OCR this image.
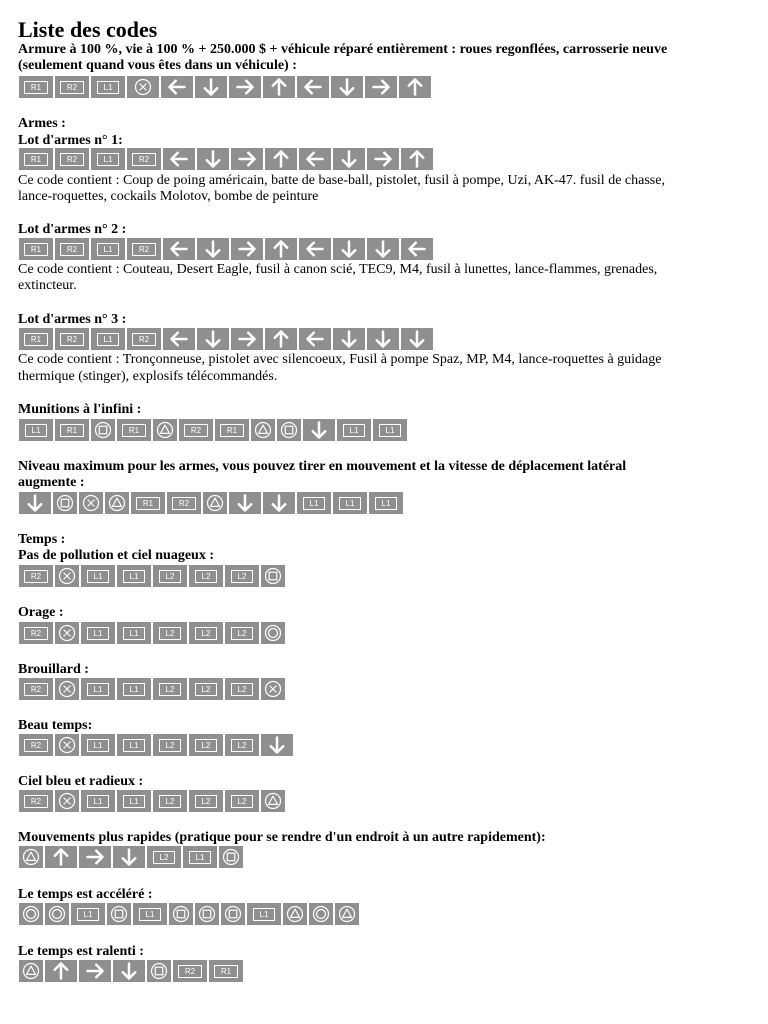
Liste des codes
Armure à 100 %, vie à 100 % + 250.000 $ + véhicule réparé entièrement : roues regonflées, carrosserie neuve
(seulement quand vous êtes dans un véhicule) :
R1	R2	L1
Armes :
Lot d'armes n° 1:
R1	R2	L1	R2
Ce code contient : Coup de poing américain, batte de base-ball, pistolet, fusil à pompe, Uzi, AK-47. fusil de chasse,
lance-roquettes, cockails Molotov, bombe de peinture
Lot d'armes n° 2 :
R1	R2	L1	R2
Ce code contient : Couteau, Desert Eagle, fusil à canon scié, TEC9, M4, fusil à lunettes, lance-flammes, grenades,
extincteur.
Lot d'armes n° 3 :
R1	R2	L1	R2
Ce code contient : Tronçonneuse, pistolet avec silencoeux, Fusil à pompe Spaz, MP, M4, lance-roquettes à guidage
thermique (stinger), explosifs télécommandés.
Munitions à l'infini :
L1	R1	R1	R2	R1	L1	L1
Niveau maximum pour les armes, vous pouvez tirer en mouvement et la vitesse de déplacement latéral
augmente :
R1	R2	L1	L1	L1
Temps :
Pas de pollution et ciel nuageux :
R2	L1	L1	L2	L2	L2
Orage :
R2	L1	L1	L2	L2	L2
Brouillard :
R2	L1	L1	L2	L2	L2
Beau temps:
R2	L1	L1	L2	L2	L2
Ciel bleu et radieux :
R2	L1	L1	L2	L2	L2
Mouvements plus rapides (pratique pour se rendre d'un endroit à un autre rapidement):
L2	L1
Le temps est accéléré :
L1	L1	L1
Le temps est ralenti :
R2	R1
